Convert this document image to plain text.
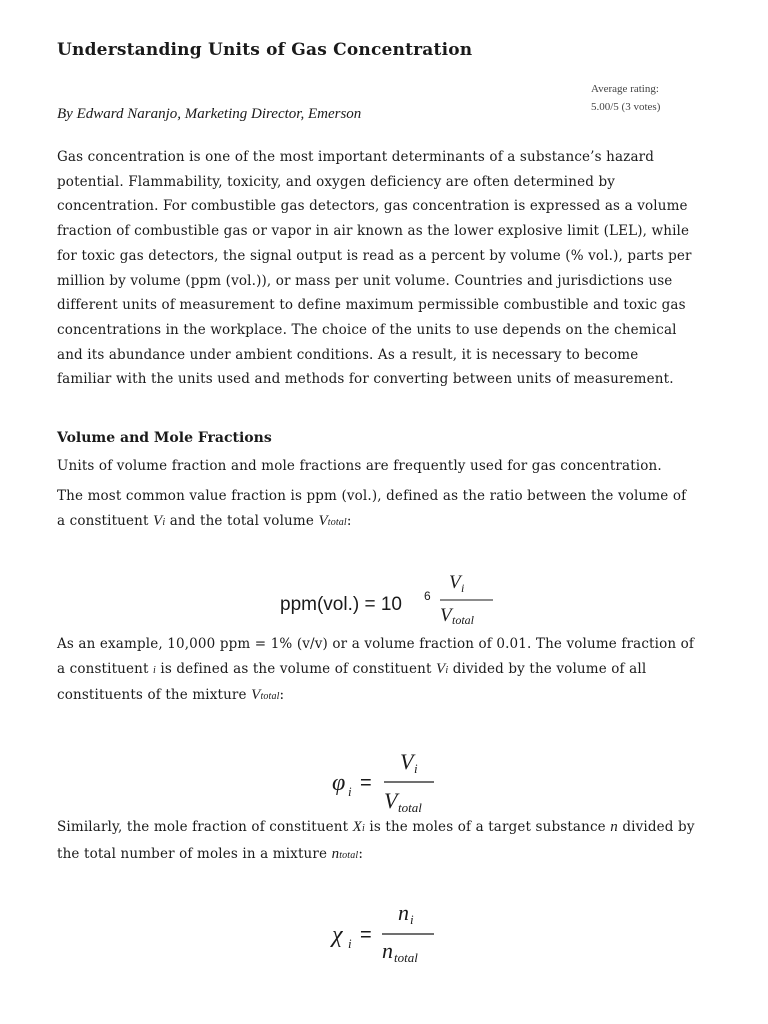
Understanding Units of Gas Concentration
Average rating:
5.00/5 (3 votes)
By Edward Naranjo, Marketing Director, Emerson

Gas concentration is one of the most important determinants of a substance’s hazard potential. Flammability, toxicity, and oxygen deficiency are often determined by concentration. For combustible gas detectors, gas concentration is expressed as a volume fraction of combustible gas or vapor in air known as the lower explosive limit (LEL), while for toxic gas detectors, the signal output is read as a percent by volume (% vol.), parts per million by volume (ppm (vol.)), or mass per unit volume. Countries and jurisdictions use different units of measurement to define maximum permissible combustible and toxic gas concentrations in the workplace. The choice of the units to use depends on the chemical and its abundance under ambient conditions. As a result, it is necessary to become familiar with the units used and methods for converting between units of measurement.

Volume and Mole Fractions

Units of volume fraction and mole fractions are frequently used for gas concentration.

The most common value fraction is ppm (vol.), defined as the ratio between the volume of a constituent Vi and the total volume Vtotal:

ppm(vol.) = 10 6
V i
V total

As an example, 10,000 ppm = 1% (v/v) or a volume fraction of 0.01. The volume fraction of a constituent i is defined as the volume of constituent Vi divided by the volume of all constituents of the mixture Vtotal:

φ i =
V i
V total

Similarly, the mole fraction of constituent Xi is the moles of a target substance n divided by the total number of moles in a mixture ntotal:

χ i =
n i
n total
